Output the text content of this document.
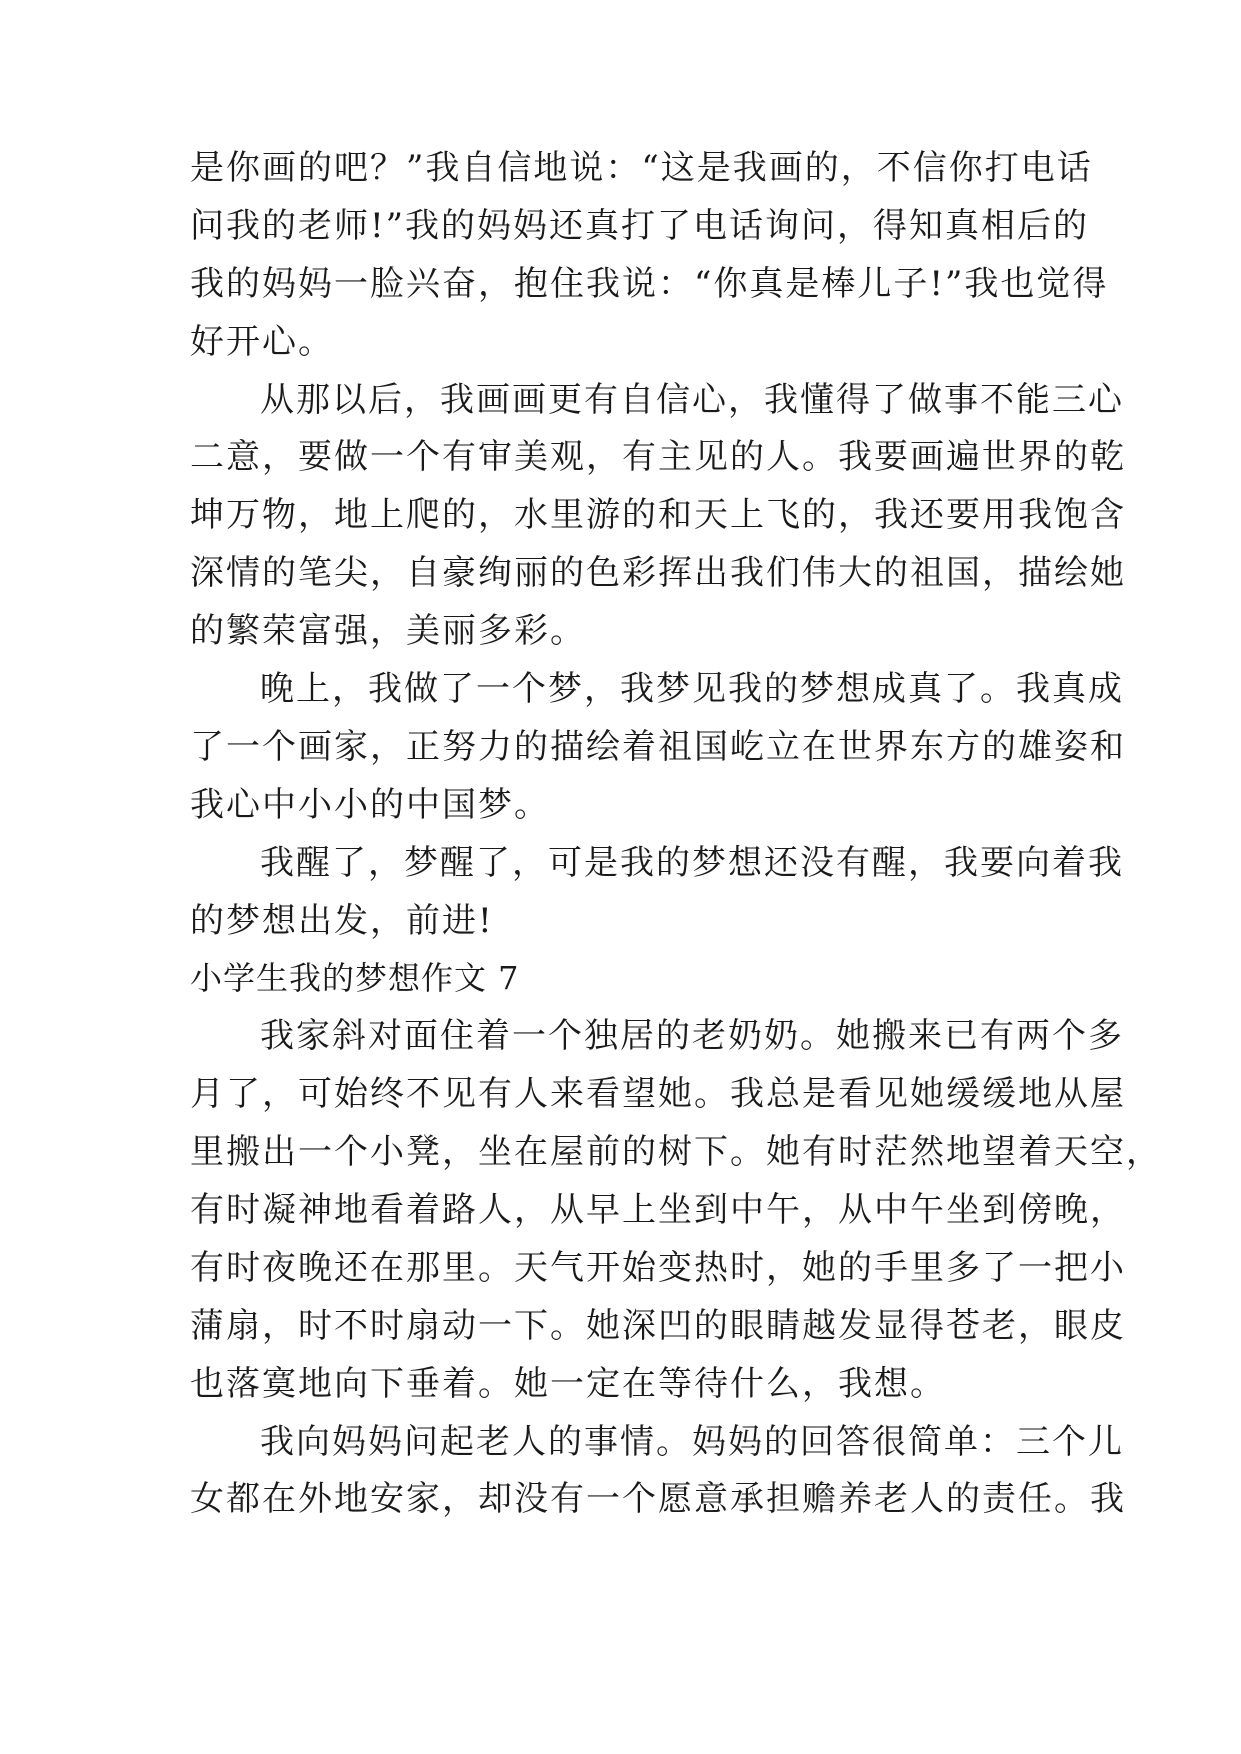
是你画的吧？”我自信地说：“这是我画的，不信你打电话
问我的老师!”我的妈妈还真打了电话询问，得知真相后的
我的妈妈一脸兴奋，抱住我说：“你真是棒儿子!”我也觉得
好开心。
从那以后，我画画更有自信心，我懂得了做事不能三心
二意，要做一个有审美观，有主见的人。我要画遍世界的乾
坤万物，地上爬的，水里游的和天上飞的，我还要用我饱含
深情的笔尖，自豪绚丽的色彩挥出我们伟大的祖国，描绘她
的繁荣富强，美丽多彩。
晚上，我做了一个梦，我梦见我的梦想成真了。我真成
了一个画家，正努力的描绘着祖国屹立在世界东方的雄姿和
我心中小小的中国梦。
我醒了，梦醒了，可是我的梦想还没有醒，我要向着我
的梦想出发，前进!
小学生我的梦想作文 7
我家斜对面住着一个独居的老奶奶。她搬来已有两个多
月了，可始终不见有人来看望她。我总是看见她缓缓地从屋
里搬出一个小凳，坐在屋前的树下。她有时茫然地望着天空，
有时凝神地看着路人，从早上坐到中午，从中午坐到傍晚，
有时夜晚还在那里。天气开始变热时，她的手里多了一把小
蒲扇，时不时扇动一下。她深凹的眼睛越发显得苍老，眼皮
也落寞地向下垂着。她一定在等待什么，我想。
我向妈妈问起老人的事情。妈妈的回答很简单：三个儿
女都在外地安家，却没有一个愿意承担赡养老人的责任。我
